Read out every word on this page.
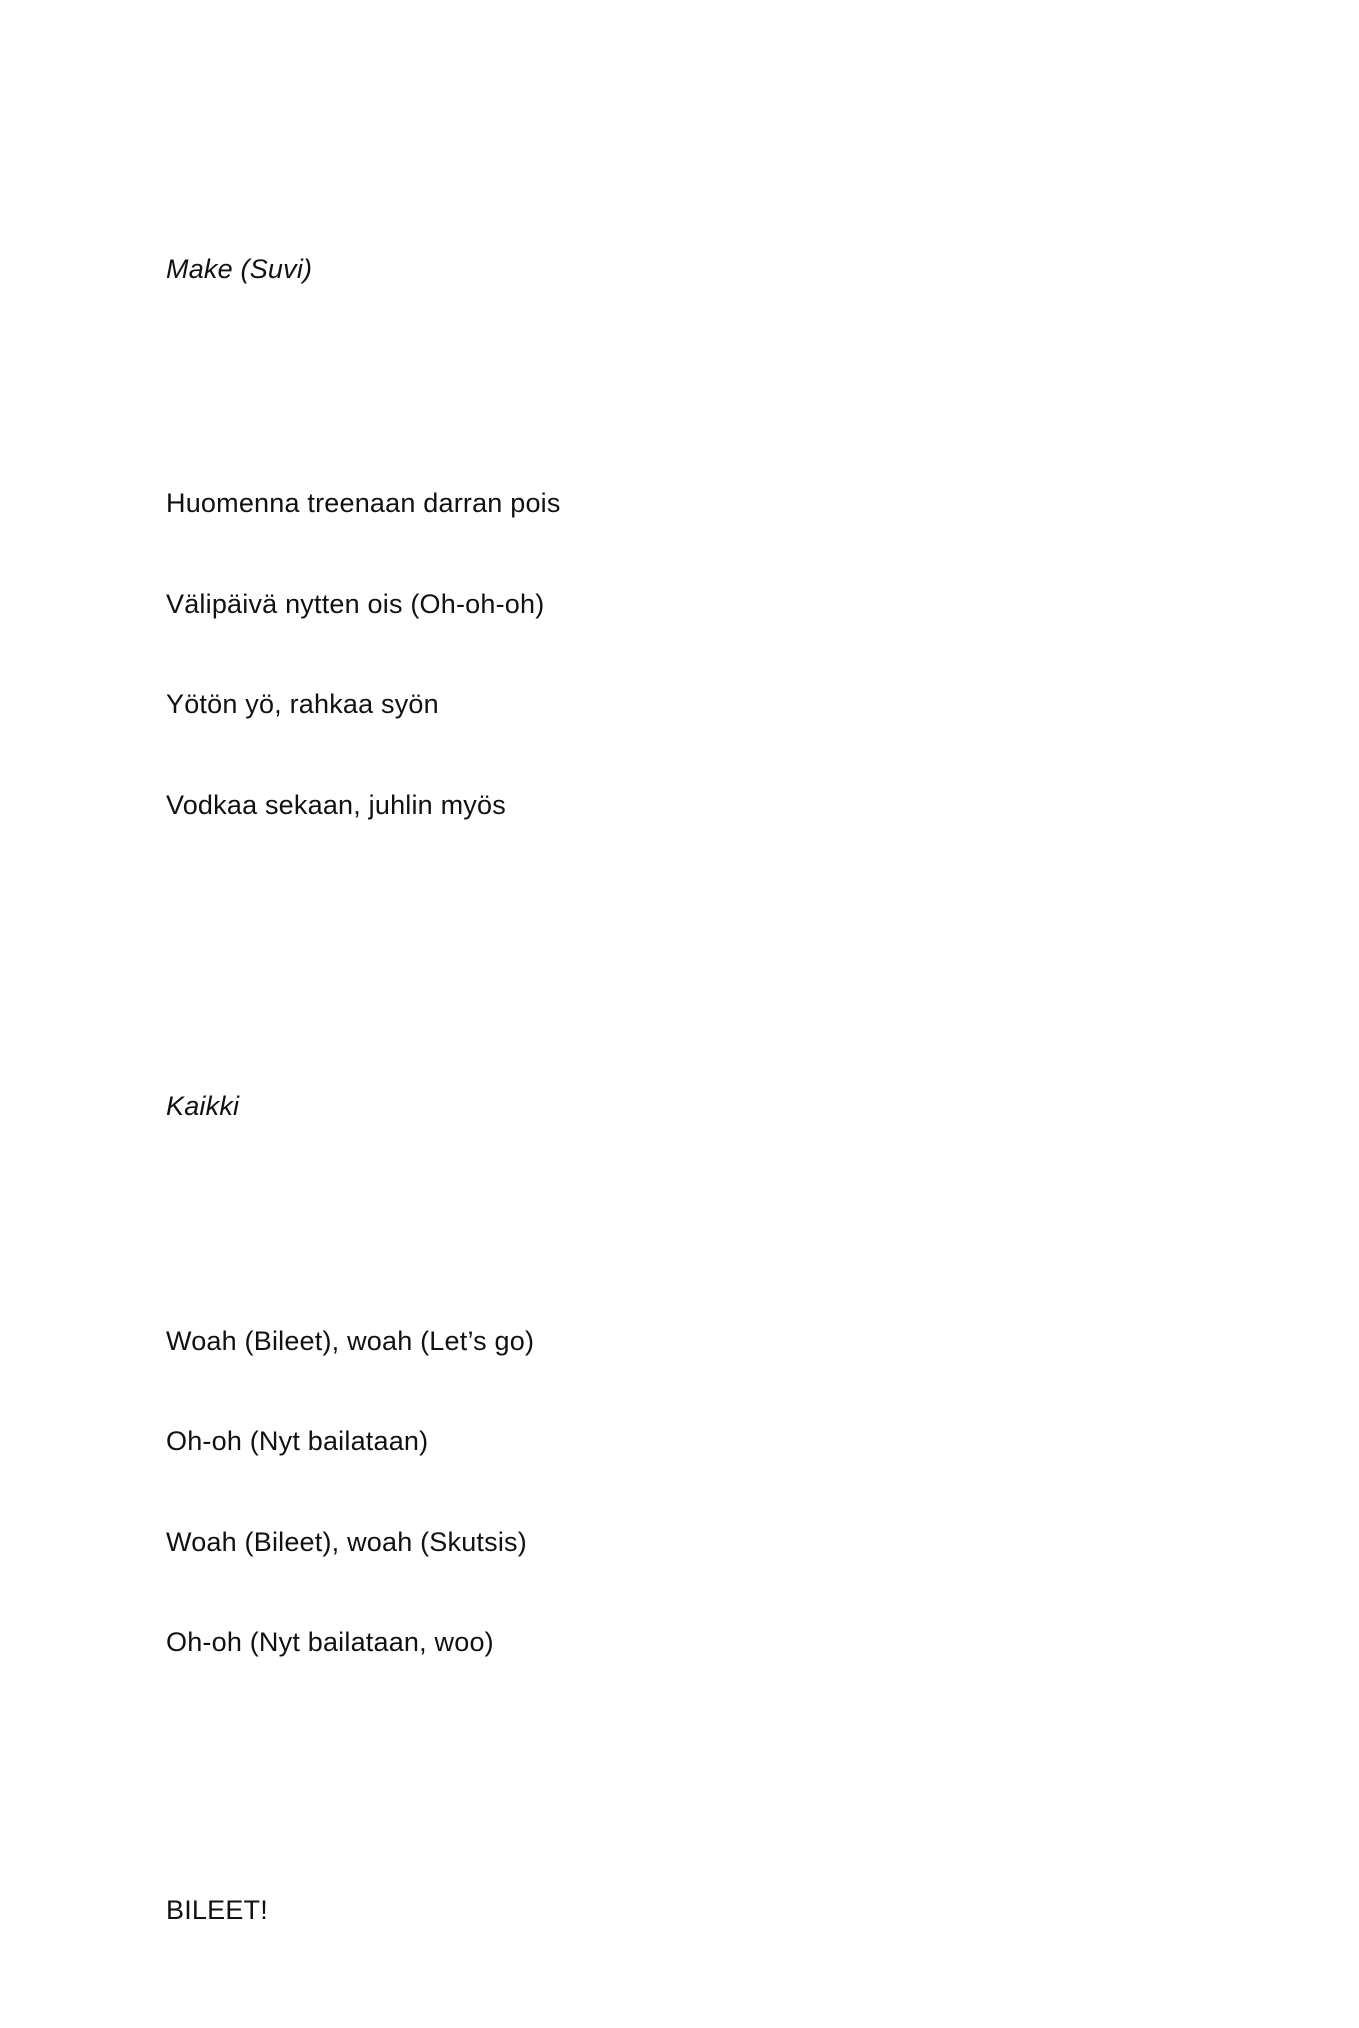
Make (Suvi)

Huomenna treenaan darran pois

Välipäivä nytten ois (Oh-oh-oh)

Yötön yö, rahkaa syön

Vodkaa sekaan, juhlin myös

Kaikki

Woah (Bileet), woah (Let’s go)

Oh-oh (Nyt bailataan)

Woah (Bileet), woah (Skutsis)

Oh-oh (Nyt bailataan, woo)

BILEET!
